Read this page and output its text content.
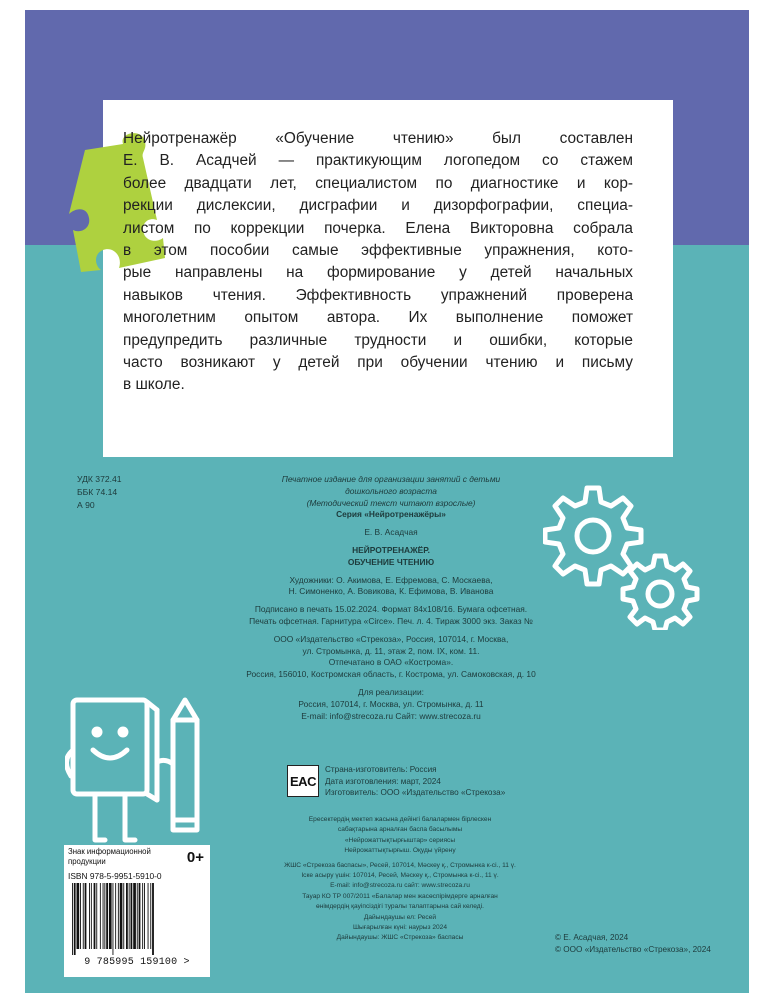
УДК 372.41
ББК 74.14
А 90
Печатное издание для организации занятий с детьми
дошкольного возраста
(Методический текст читают взрослые)
Серия «Нейротренажёры»
Е. В. Асадчая
НЕЙРОТРЕНАЖЁР.
ОБУЧЕНИЕ ЧТЕНИЮ
Художники: О. Акимова, Е. Ефремова, С. Москаева,
Н. Симоненко, А. Вовикова, К. Ефимова, В. Иванова
Подписано в печать 15.02.2024. Формат 84х108/16. Бумага офсетная.
Печать офсетная. Гарнитура «Circe». Печ. л. 4. Тираж 3000 экз. Заказ №
ООО «Издательство «Стрекоза», Россия, 107014, г. Москва,
ул. Стромынка, д. 11, этаж 2, пом. IX, ком. 11.
Отпечатано в ОАО «Кострома».
Россия, 156010, Костромская область, г. Кострома, ул. Самоковская, д. 10
Для реализации:
Россия, 107014, г. Москва, ул. Стромынка, д. 11
E-mail: info@strecoza.ru Сайт: www.strecoza.ru
EAC
Страна-изготовитель: Россия
Дата изготовления: март, 2024
Изготовитель: ООО «Издательство «Стрекоза»
Ересектердің мектеп жасына дейінгі балалармен бірлескен
сабақтарына арналған баспа басылымы
«Нейрожаттықтырғыштар» сериясы
Нейрожаттықтырғыш. Оқуды үйрену
ЖШС «Стрекоза баспасы», Ресей, 107014, Мәскеу қ., Стромынка к-сі., 11 ү.
Іске асыру үшін: 107014, Ресей, Мәскеу қ., Стромынка к-сі., 11 ү.
E-mail: info@strecoza.ru сайт: www.strecoza.ru
Тауар КО ТР 007/2011 «Балалар мен жасөспірімдерге арналған
өнімдердің қауіпсіздігі туралы талаптарына сай келеді.
Дайындаушы ел: Ресей
Шығарылған күні: наурыз 2024
Дайындаушы: ЖШС «Стрекоза» баспасы	© Е. Асадчая, 2024
© ООО «Издательство «Стрекоза», 2024

Нейротренажёр «Обучение чтению» был составлен
Е. В. Асадчей — практикующим логопедом со стажем
более двадцати лет, специалистом по диагностике и кор-
рекции дислексии, дисграфии и дизорфографии, специа-
листом по коррекции почерка. Елена Викторовна собрала
в этом пособии самые эффективные упражнения, кото-
рые направлены на формирование у детей начальных
навыков чтения. Эффективность упражнений проверена
многолетним опытом автора. Их выполнение поможет
предупредить различные трудности и ошибки, которые
часто возникают у детей при обучении чтению и письму
в школе.

Знак информационной продукции	0+
ISBN 978-5-9951-5910-0
9 785995 159100 >
